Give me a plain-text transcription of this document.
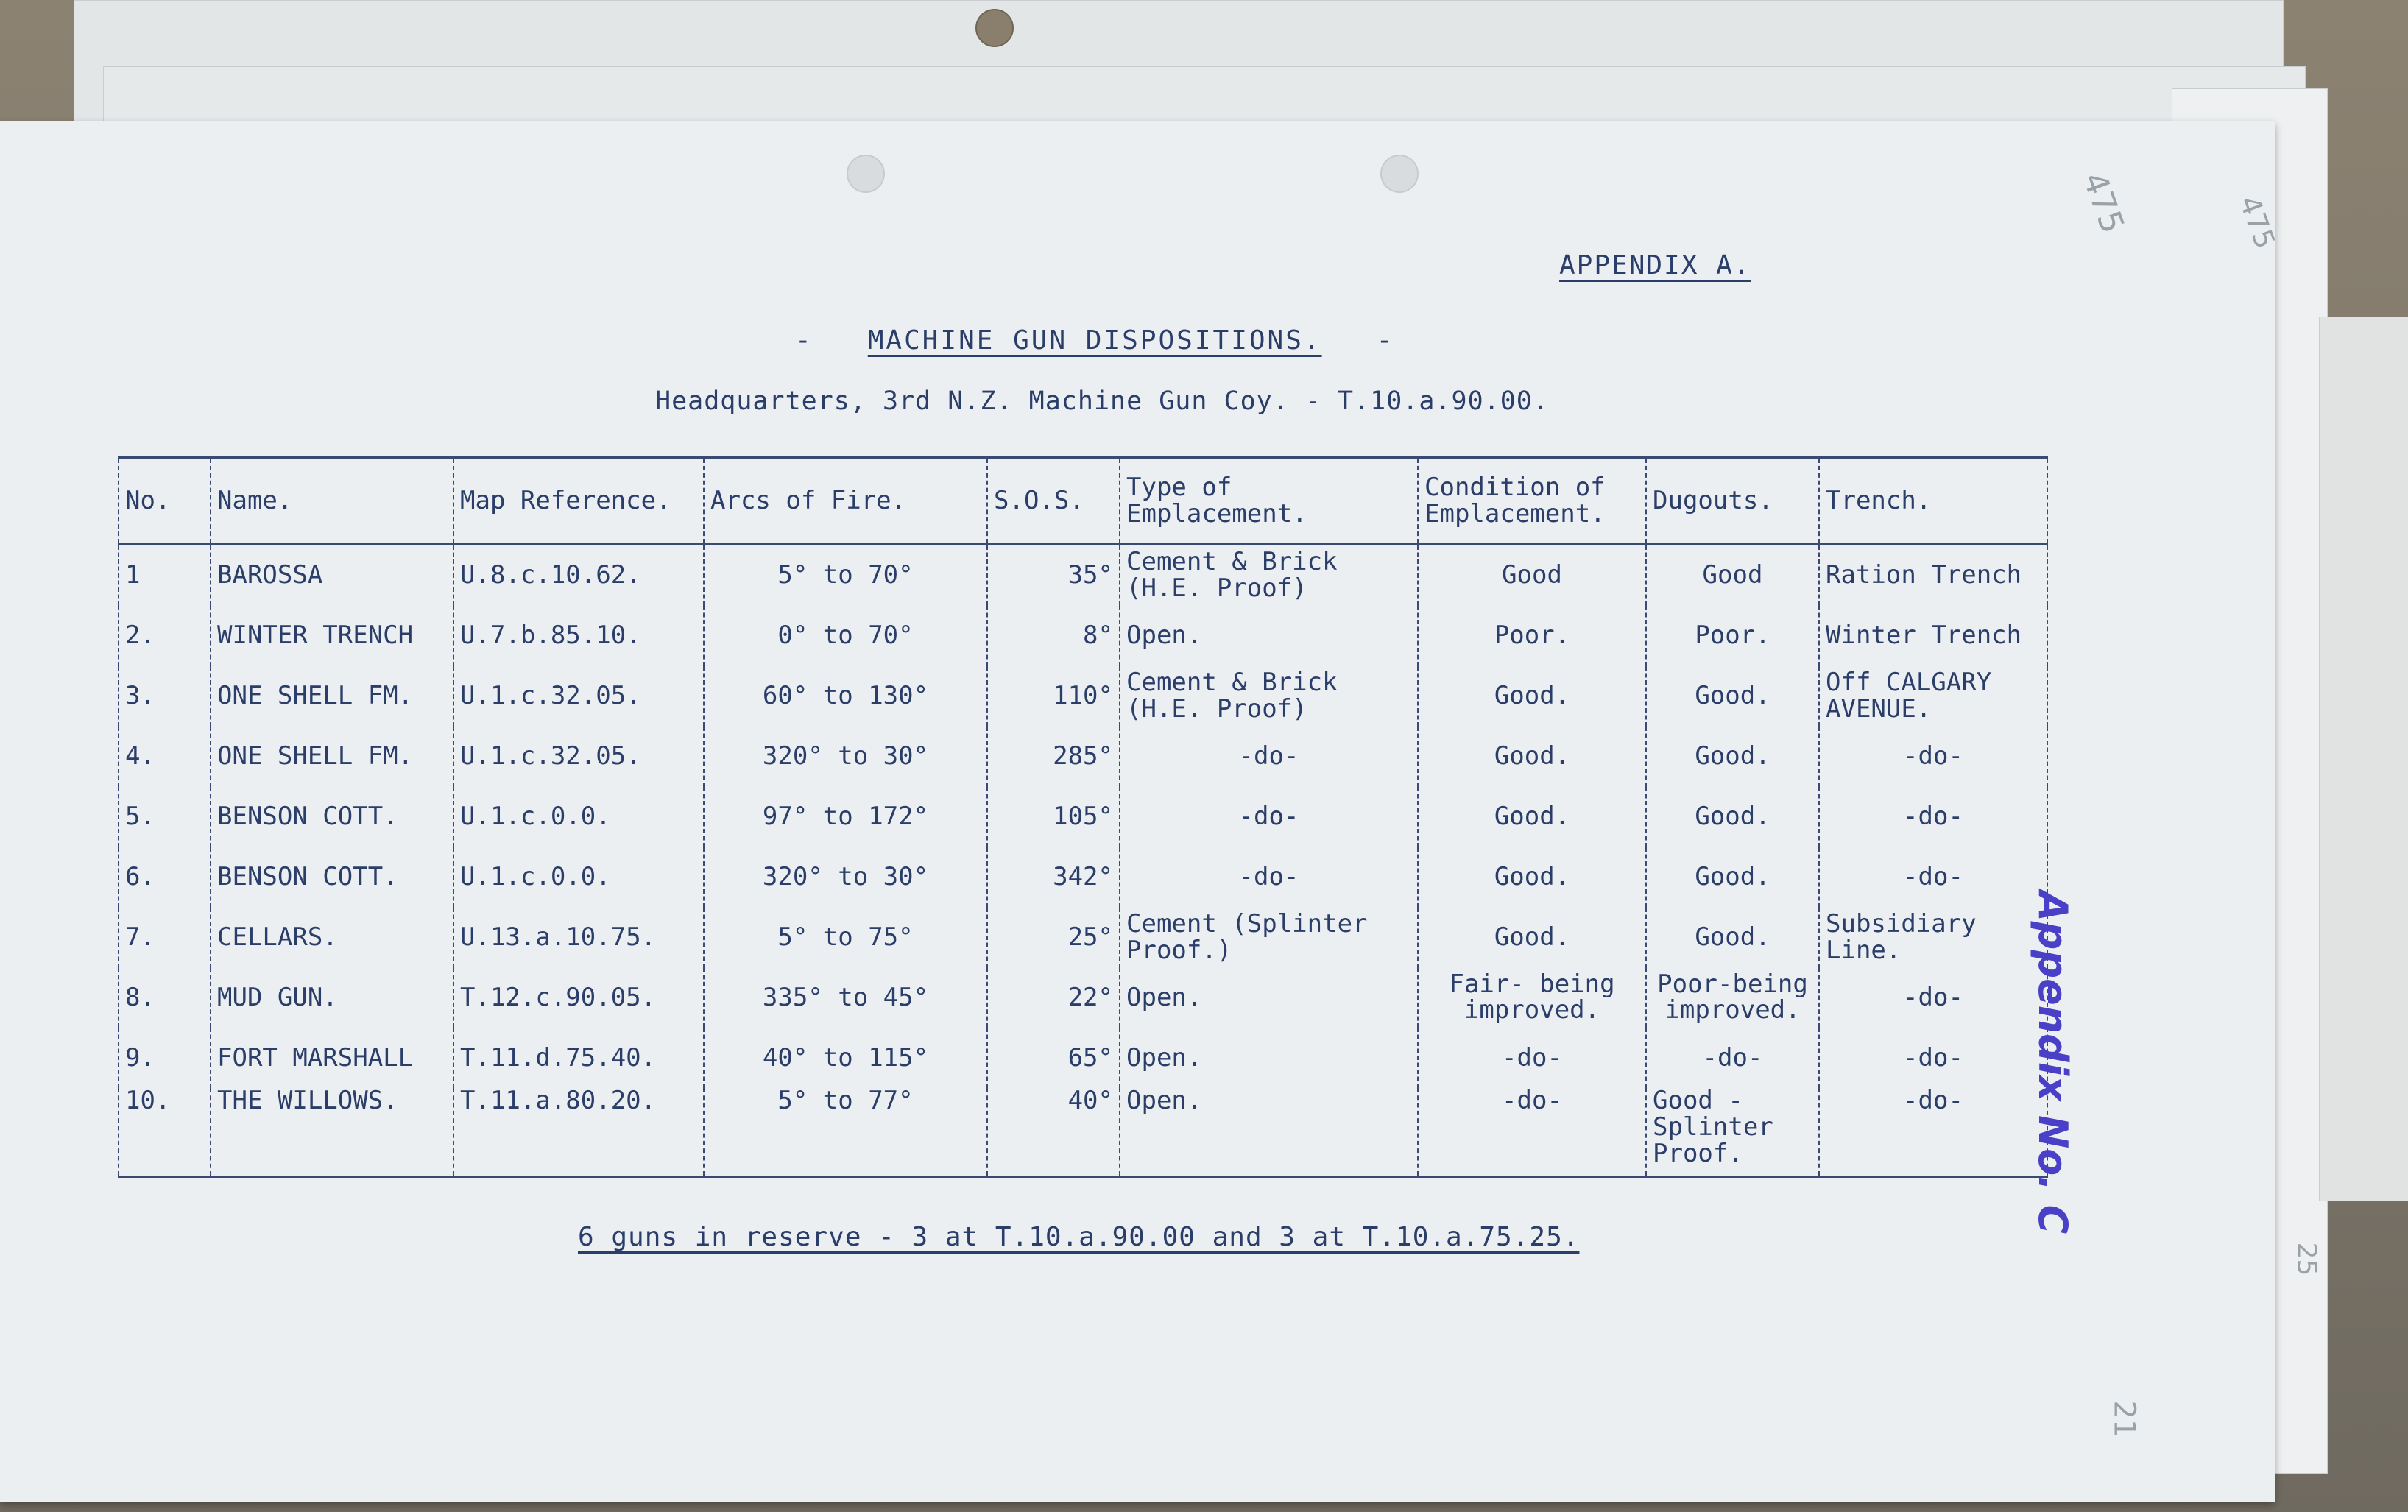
APPENDIX A.
- MACHINE GUN DISPOSITIONS. -
Headquarters, 3rd N.Z. Machine Gun Coy. - T.10.a.90.00.
No.	Name.	Map Reference.	Arcs of Fire.	S.O.S.	Type of Emplacement.	Condition of Emplacement.	Dugouts.	Trench.
1	BAROSSA	U.8.c.10.62.	5° to 70°	35°	Cement & Brick (H.E. Proof)	Good	Good	Ration Trench
2.	WINTER TRENCH	U.7.b.85.10.	0° to 70°	8°	Open.	Poor.	Poor.	Winter Trench
3.	ONE SHELL FM.	U.1.c.32.05.	60° to 130°	110°	Cement & Brick (H.E. Proof)	Good.	Good.	Off CALGARY AVENUE.
4.	ONE SHELL FM.	U.1.c.32.05.	320° to 30°	285°	-do-	Good.	Good.	-do-
5.	BENSON COTT.	U.1.c.0.0.	97° to 172°	105°	-do-	Good.	Good.	-do-
6.	BENSON COTT.	U.1.c.0.0.	320° to 30°	342°	-do-	Good.	Good.	-do-
7.	CELLARS.	U.13.a.10.75.	5° to 75°	25°	Cement (Splinter Proof.)	Good.	Good.	Subsidiary Line.
8.	MUD GUN.	T.12.c.90.05.	335° to 45°	22°	Open.	Fair- being improved.	Poor-being improved.	-do-
9.	FORT MARSHALL	T.11.d.75.40.	40° to 115°	65°	Open.	-do-	-do-	-do-
10.	THE WILLOWS.	T.11.a.80.20.	5° to 77°	40°	Open.	-do-	Good - Splinter Proof.	-do-
6 guns in reserve - 3 at T.10.a.90.00 and 3 at T.10.a.75.25.
Appendix No. C
475	475
25
21
